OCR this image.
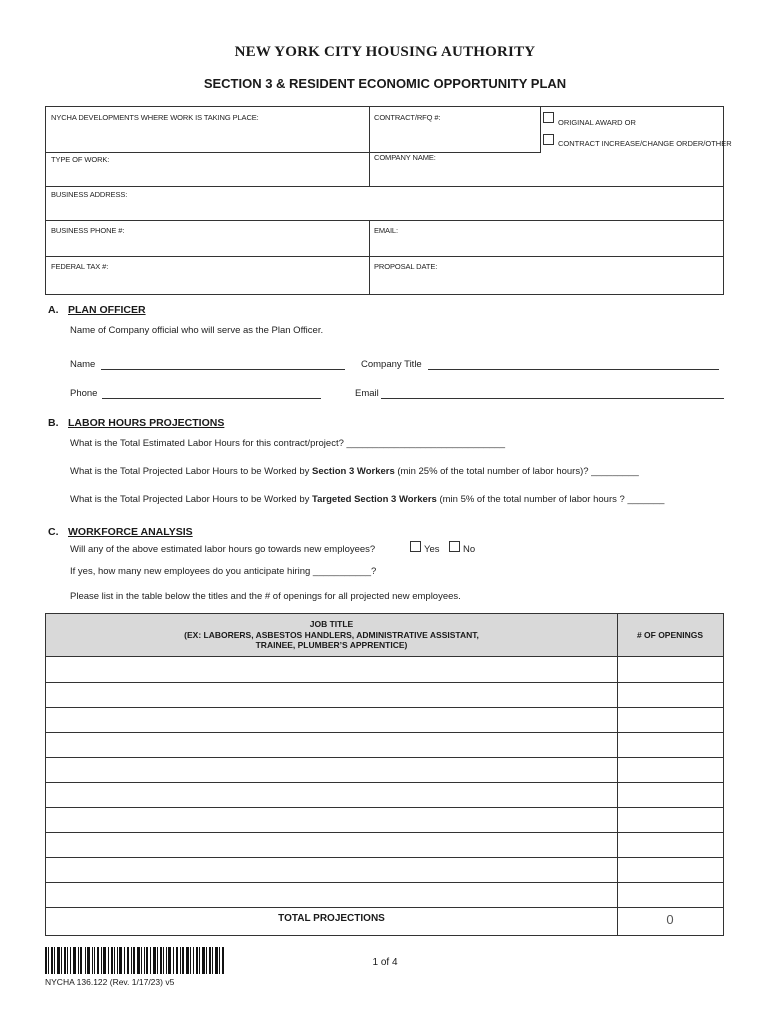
NEW YORK CITY HOUSING AUTHORITY
SECTION 3 & RESIDENT ECONOMIC OPPORTUNITY PLAN
NYCHA DEVELOPMENTS WHERE WORK IS TAKING PLACE:	CONTRACT/RFQ #:
ORIGINAL AWARD OR
CONTRACT INCREASE/CHANGE ORDER/OTHER
TYPE OF WORK:	COMPANY NAME:
BUSINESS ADDRESS:
BUSINESS PHONE #:	EMAIL:
FEDERAL TAX #:	PROPOSAL DATE:
A. PLAN OFFICER
Name of Company official who will serve as the Plan Officer.
Name	Company Title
Phone	Email
B. LABOR HOURS PROJECTIONS
What is the Total Estimated Labor Hours for this contract/project? ______________________________
What is the Total Projected Labor Hours to be Worked by Section 3 Workers (min 25% of the total number of labor hours)? _________
What is the Total Projected Labor Hours to be Worked by Targeted Section 3 Workers (min 5% of the total number of labor hours ? _______
C. WORKFORCE ANALYSIS
Will any of the above estimated labor hours go towards new employees?	Yes No
If yes, how many new employees do you anticipate hiring ___________?
Please list in the table below the titles and the # of openings for all projected new employees.
JOB TITLE
(EX: LABORERS, ASBESTOS HANDLERS, ADMINISTRATIVE ASSISTANT,
TRAINEE, PLUMBER’S APPRENTICE)
# OF OPENINGS
TOTAL PROJECTIONS	0
1 of 4
NYCHA 136.122 (Rev. 1/17/23) v5
